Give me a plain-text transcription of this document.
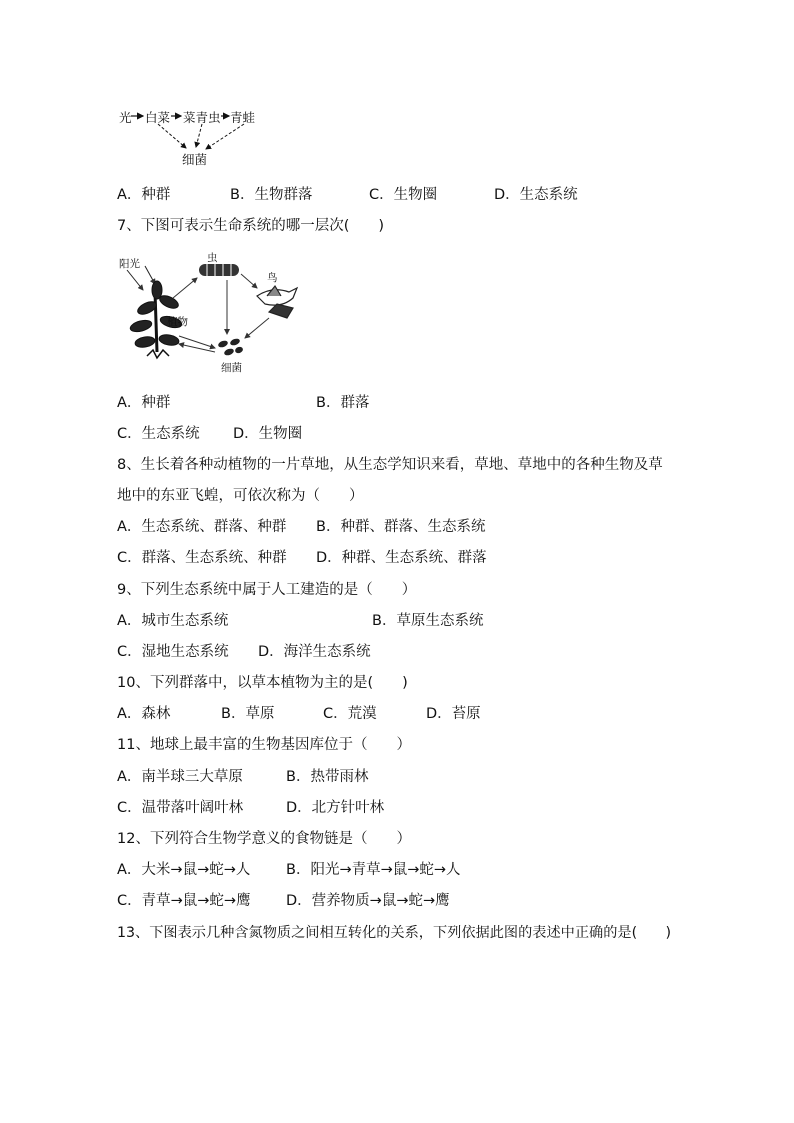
光 白菜 菜青虫 青蛙
细菌
A．种群	B．生物群落	C．生物圈	D．生态系统
7、下图可表示生命系统的哪一层次(　　)
阳光	虫
鸟
植物
细菌
A．种群	B．群落
C．生态系统 D．生物圈
8、生长着各种动植物的一片草地，从生态学知识来看，草地、草地中的各种生物及草
地中的东亚飞蝗，可依次称为（　　）
A．生态系统、群落、种群 B．种群、群落、生态系统
C．群落、生态系统、种群 D．种群、生态系统、群落
9、下列生态系统中属于人工建造的是（　　）
A．城市生态系统	B．草原生态系统
C．湿地生态系统 D．海洋生态系统
10、下列群落中，以草本植物为主的是(　　)
A．森林	B．草原	C．荒漠	D．苔原
11、地球上最丰富的生物基因库位于（　　）
A．南半球三大草原	B．热带雨林
C．温带落叶阔叶林	D．北方针叶林
12、下列符合生物学意义的食物链是（　　）
A．大米→鼠→蛇→人 B．阳光→青草→鼠→蛇→人
C．青草→鼠→蛇→鹰 D．营养物质→鼠→蛇→鹰
13、下图表示几种含氮物质之间相互转化的关系，下列依据此图的表述中正确的是(　　)
